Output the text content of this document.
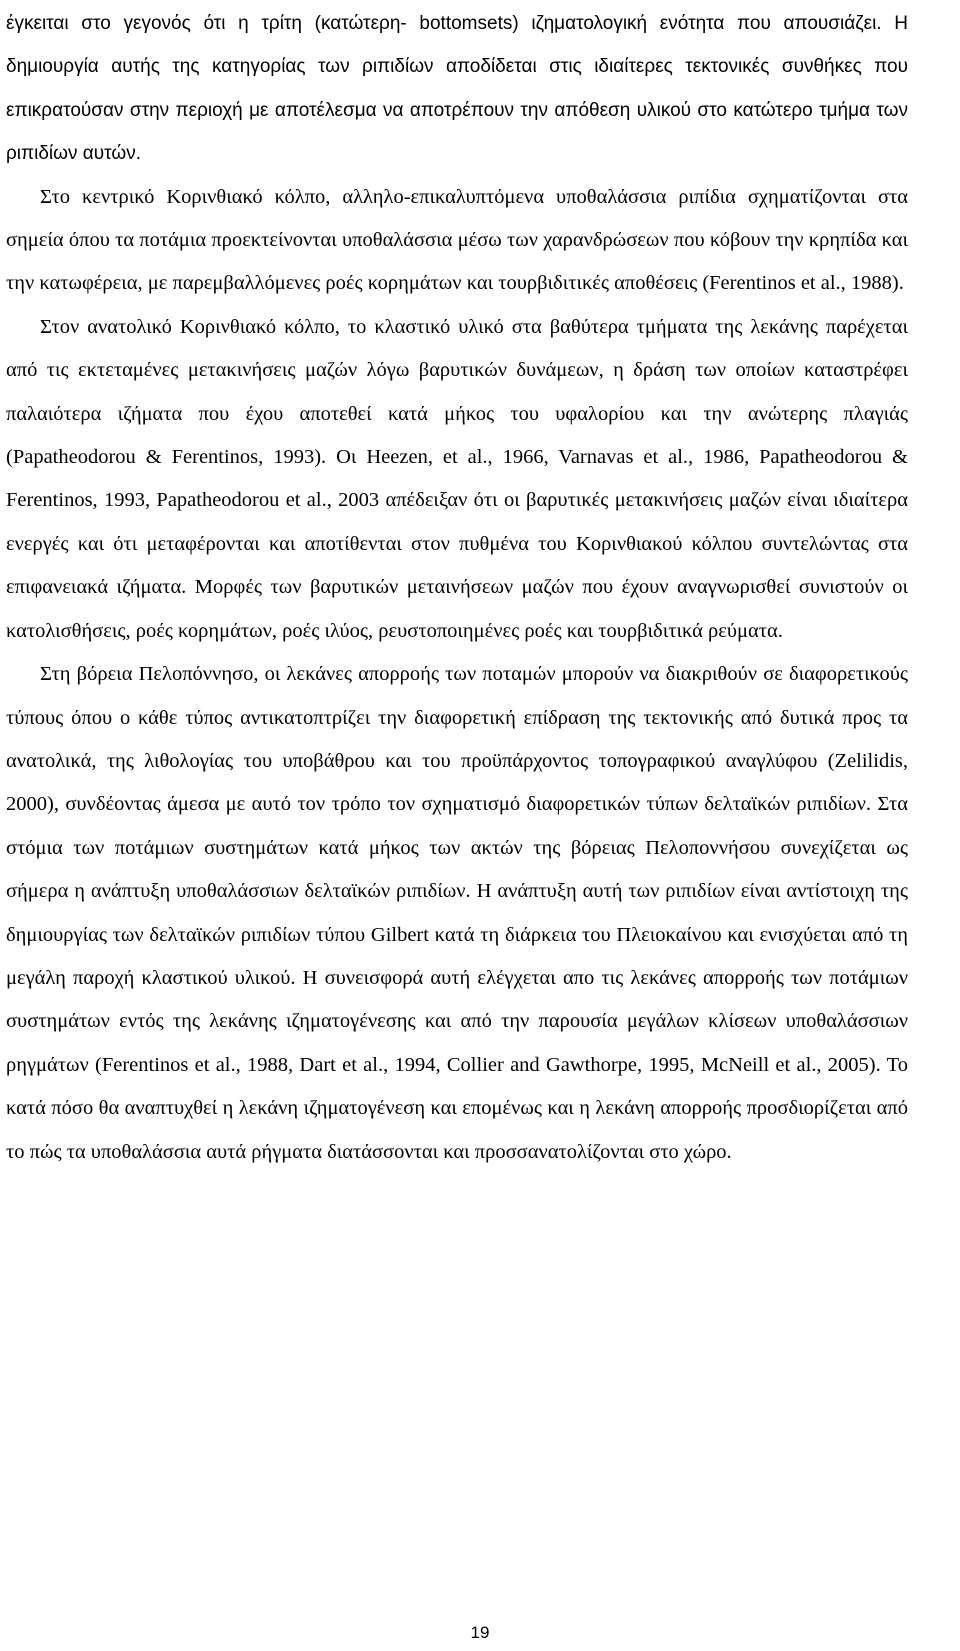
έγκειται στο γεγονός ότι η τρίτη (κατώτερη- bottomsets) ιζηματολογική ενότητα που απουσιάζει. Η δημιουργία αυτής της κατηγορίας των ριπιδίων αποδίδεται στις ιδιαίτερες τεκτονικές συνθήκες που επικρατούσαν στην περιοχή με αποτέλεσμα να αποτρέπουν την απόθεση υλικού στο κατώτερο τμήμα των ριπιδίων αυτών.

Στο κεντρικό Κορινθιακό κόλπο, αλληλο-επικαλυπτόμενα υποθαλάσσια ριπίδια σχηματίζονται στα σημεία όπου τα ποτάμια προεκτείνονται υποθαλάσσια μέσω των χαρανδρώσεων που κόβουν την κρηπίδα και την κατωφέρεια, με παρεμβαλλόμενες ροές κορημάτων και τουρβιδιτικές αποθέσεις (Ferentinos et al., 1988).

Στον ανατολικό Κορινθιακό κόλπο, το κλαστικό υλικό στα βαθύτερα τμήματα της λεκάνης παρέχεται από τις εκτεταμένες μετακινήσεις μαζών λόγω βαρυτικών δυνάμεων, η δράση των οποίων καταστρέφει παλαιότερα ιζήματα που έχου αποτεθεί κατά μήκος του υφαλορίου και την ανώτερης πλαγιάς (Papatheodorou & Ferentinos, 1993). Οι Heezen, et al., 1966, Varnavas et al., 1986, Papatheodorou & Ferentinos, 1993, Papatheodorou et al., 2003 απέδειξαν ότι οι βαρυτικές μετακινήσεις μαζών είναι ιδιαίτερα ενεργές και ότι μεταφέρονται και αποτίθενται στον πυθμένα του Κορινθιακού κόλπου συντελώντας στα επιφανειακά ιζήματα. Μορφές των βαρυτικών μεταινήσεων μαζών που έχουν αναγνωρισθεί συνιστούν οι κατολισθήσεις, ροές κορημάτων, ροές ιλύος, ρευστοποιημένες ροές και τουρβιδιτικά ρεύματα.

Στη βόρεια Πελοπόννησο, οι λεκάνες απορροής των ποταμών μπορούν να διακριθούν σε διαφορετικούς τύπους όπου ο κάθε τύπος αντικατοπτρίζει την διαφορετική επίδραση της τεκτονικής από δυτικά προς τα ανατολικά, της λιθολογίας του υποβάθρου και του προϋπάρχοντος τοπογραφικού αναγλύφου (Zelilidis, 2000), συνδέοντας άμεσα με αυτό τον τρόπο τον σχηματισμό διαφορετικών τύπων δελταϊκών ριπιδίων. Στα στόμια των ποτάμιων συστημάτων κατά μήκος των ακτών της βόρειας Πελοποννήσου συνεχίζεται ως σήμερα η ανάπτυξη υποθαλάσσιων δελταϊκών ριπιδίων. Η ανάπτυξη αυτή των ριπιδίων είναι αντίστοιχη της δημιουργίας των δελταϊκών ριπιδίων τύπου Gilbert κατά τη διάρκεια του Πλειοκαίνου και ενισχύεται από τη μεγάλη παροχή κλαστικού υλικού. Η συνεισφορά αυτή ελέγχεται απο τις λεκάνες απορροής των ποτάμιων συστημάτων εντός της λεκάνης ιζηματογένεσης και από την παρουσία μεγάλων κλίσεων υποθαλάσσιων ρηγμάτων (Ferentinos et al., 1988, Dart et al., 1994, Collier and Gawthorpe, 1995, McNeill et al., 2005). Το κατά πόσο θα αναπτυχθεί η λεκάνη ιζηματογένεση και επομένως και η λεκάνη απορροής προσδιορίζεται από το πώς τα υποθαλάσσια αυτά ρήγματα διατάσσονται και προσσανατολίζονται στο χώρο.

19
